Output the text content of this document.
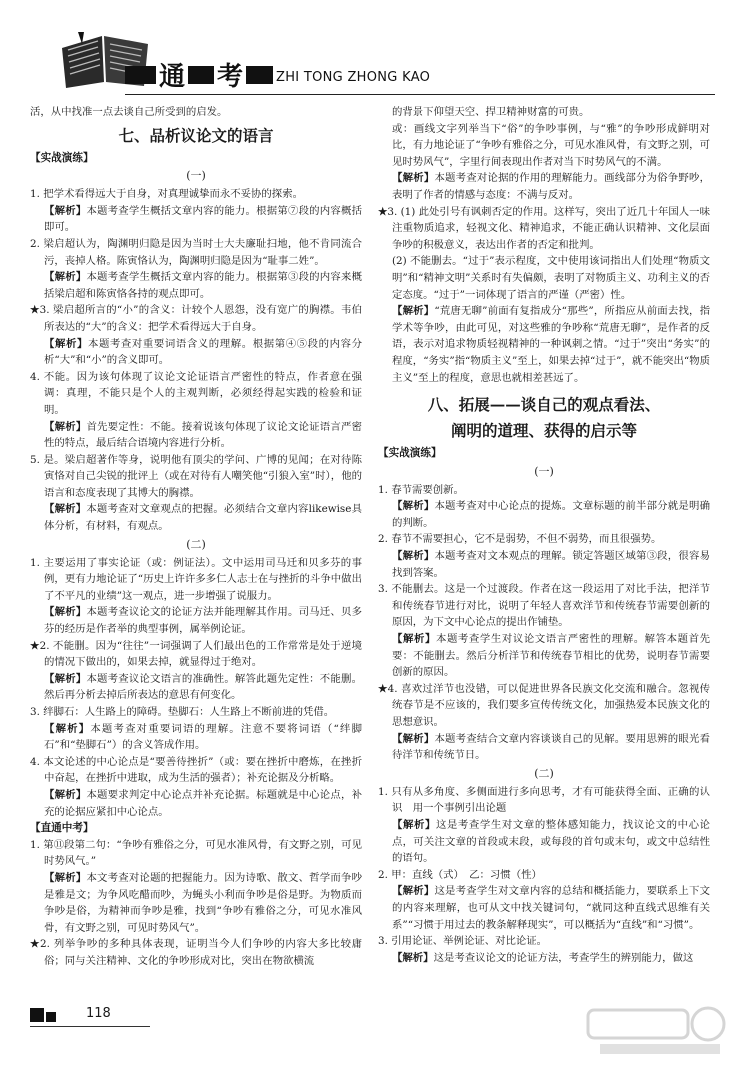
通 考	ZHI TONG ZHONG KAO

活，从中找准一点去谈自己所受到的启发。

七、品析议论文的语言

【实战演练】

(一)

1. 把学术看得远大于自身，对真理诚挚而永不妥协的探索。

【解析】本题考查学生概括文章内容的能力。根据第⑦段的内容概括即可。

2. 梁启超认为，陶渊明归隐是因为当时士大夫廉耻扫地，他不肯同流合污，丧掉人格。陈寅恪认为，陶渊明归隐是因为“耻事二姓”。

【解析】本题考查学生概括文章内容的能力。根据第③段的内容来概括梁启超和陈寅恪各持的观点即可。

★3. 梁启超所言的“小”的含义：计较个人恩怨，没有宽广的胸襟。韦伯所表达的“大”的含义：把学术看得远大于自身。

【解析】本题考查对重要词语含义的理解。根据第④⑤段的内容分析“大”和“小”的含义即可。

4. 不能。因为该句体现了议论文论证语言严密性的特点，作者意在强调：真理，不能只是个人的主观判断，必须经得起实践的检验和证明。

【解析】首先要定性：不能。接着说该句体现了议论文论证语言严密性的特点，最后结合语境内容进行分析。

5. 是。梁启超著作等身，说明他有顶尖的学问、广博的见闻；在对待陈寅恪对自己尖锐的批评上（或在对待有人嘲笑他“引狼入室”时），他的语言和态度表现了其博大的胸襟。

【解析】本题考查对文章观点的把握。必须结合文章内容likewise具体分析，有材料，有观点。

(二)

1. 主要运用了事实论证（或：例证法）。文中运用司马迁和贝多芬的事例，更有力地论证了“历史上许许多多仁人志士在与挫折的斗争中做出了不平凡的业绩”这一观点，进一步增强了说服力。

【解析】本题考查议论文的论证方法并能理解其作用。司马迁、贝多芬的经历是作者举的典型事例，属举例论证。

★2. 不能删。因为“往往”一词强调了人们最出色的工作常常是处于逆境的情况下做出的，如果去掉，就显得过于绝对。

【解析】本题考查议论文语言的准确性。解答此题先定性：不能删。然后再分析去掉后所表达的意思有何变化。

3. 绊脚石：人生路上的障碍。垫脚石：人生路上不断前进的凭借。

【解析】本题考查对重要词语的理解。注意不要将词语（“绊脚石”和“垫脚石”）的含义答成作用。

4. 本文论述的中心论点是“要善待挫折”（或：要在挫折中磨炼，在挫折中奋起，在挫折中进取，成为生活的强者）；补充论据及分析略。

【解析】本题要求判定中心论点并补充论据。标题就是中心论点，补充的论据应紧扣中心论点。

【直通中考】

1. 第⑪段第二句：“争吵有雅俗之分，可见水准风骨，有文野之别，可见时势风气。”

【解析】本文考查对论题的把握能力。因为诗歌、散文、哲学而争吵是雅是文；为争风吃醋而吵，为蝇头小利而争吵是俗是野。为物质而争吵是俗，为精神而争吵是雅，找到“争吵有雅俗之分，可见水准风骨，有文野之别，可见时势风气”。

★2. 列举争吵的多种具体表现，证明当今人们争吵的内容大多比较庸俗；同与关注精神、文化的争吵形成对比，突出在物欲横流

的背景下仰望天空、捍卫精神财富的可贵。

或：画线文字列举当下“俗”的争吵事例，与“雅”的争吵形成鲜明对比，有力地论证了“争吵有雅俗之分，可见水准风骨，有文野之别，可见时势风气”，字里行间表现出作者对当下时势风气的不满。

【解析】本题考查对论据的作用的理解能力。画线部分为俗争野吵，表明了作者的情感与态度：不满与反对。

★3. (1) 此处引号有讽刺否定的作用。这样写，突出了近几十年国人一味注重物质追求，轻视文化、精神追求，不能正确认识精神、文化层面争吵的积极意义，表达出作者的否定和批判。

(2) 不能删去。“过于”表示程度，文中使用该词指出人们处理“物质文明”和“精神文明”关系时有失偏颇，表明了对物质主义、功利主义的否定态度。“过于”一词体现了语言的严谨（严密）性。

【解析】“荒唐无聊”前面有复指成分“那些”，所指应从前面去找，指学术等争吵，由此可见，对这些雅的争吵称“荒唐无聊”，是作者的反语，表示对追求物质轻视精神的一种讽刺之情。“过于”突出“务实”的程度，“务实”指“物质主义”至上，如果去掉“过于”，就不能突出“物质主义”至上的程度，意思也就相差甚远了。

八、拓展——谈自己的观点看法、
阐明的道理、获得的启示等

【实战演练】

(一)

1. 春节需要创新。

【解析】本题考查对中心论点的提炼。文章标题的前半部分就是明确的判断。

2. 春节不需要担心，它不是弱势，不但不弱势，而且很强势。

【解析】本题考查对文本观点的理解。锁定答题区域第③段，很容易找到答案。

3. 不能删去。这是一个过渡段。作者在这一段运用了对比手法，把洋节和传统春节进行对比，说明了年轻人喜欢洋节和传统春节需要创新的原因，为下文中心论点的提出作铺垫。

【解析】本题考查学生对议论文语言严密性的理解。解答本题首先要：不能删去。然后分析洋节和传统春节相比的优势，说明春节需要创新的原因。

★4. 喜欢过洋节也没错，可以促进世界各民族文化交流和融合。忽视传统春节是不应该的，我们要多宣传传统文化，加强热爱本民族文化的思想意识。

【解析】本题考查结合文章内容谈谈自己的见解。要用思辨的眼光看待洋节和传统节日。

(二)

1. 只有从多角度、多侧面进行多向思考，才有可能获得全面、正确的认识　用一个事例引出论题

【解析】这是考查学生对文章的整体感知能力，找议论文的中心论点，可关注文章的首段或末段，或每段的首句或末句，或文中总结性的语句。

2. 甲：直线（式）　乙：习惯（性）

【解析】这是考查学生对文章内容的总结和概括能力，要联系上下文的内容来理解，也可从文中找关键词句，“就同这种直线式思维有关系”“习惯于用过去的教条解释现实”，可以概括为“直线”和“习惯”。

3. 引用论证、举例论证、对比论证。

【解析】这是考查议论文的论证方法，考查学生的辨别能力，做这

118
